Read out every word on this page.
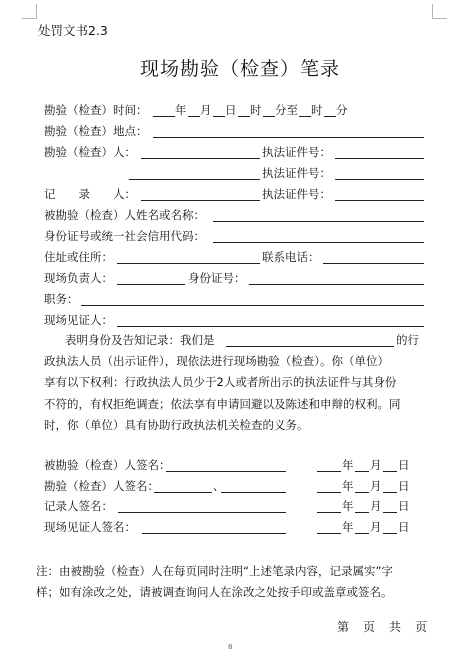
处罚文书2.3
现场勘验（检查）笔录
勘验（检查）时间： 年 月 日 时 分至 时 分
勘验（检查）地点：
勘验（检查）人：	执法证件号：
执法证件号：
记　　录　　人：	执法证件号：
被勘验（检查）人姓名或名称：
身份证号或统一社会信用代码：
住址或住所：	联系电话：
现场负责人：	身份证号：
职务：
现场见证人：
表明身份及告知记录：我们是	的行
政执法人员（出示证件），现依法进行现场勘验（检查）。你（单位）
享有以下权利：行政执法人员少于2人或者所出示的执法证件与其身份
不符的，有权拒绝调查；依法享有申请回避以及陈述和申辩的权利。同
时，你（单位）具有协助行政执法机关检查的义务。
被勘验（检查）人签名：	年 月 日
勘验（检查）人签名：	、	年 月 日
记录人签名：	年 月 日
现场见证人签名：	年 月 日
注：由被勘验（检查）人在每页同时注明“上述笔录内容，记录属实”字
样；如有涂改之处，请被调查询问人在涂改之处按手印或盖章或签名。
第 页 共 页
8
